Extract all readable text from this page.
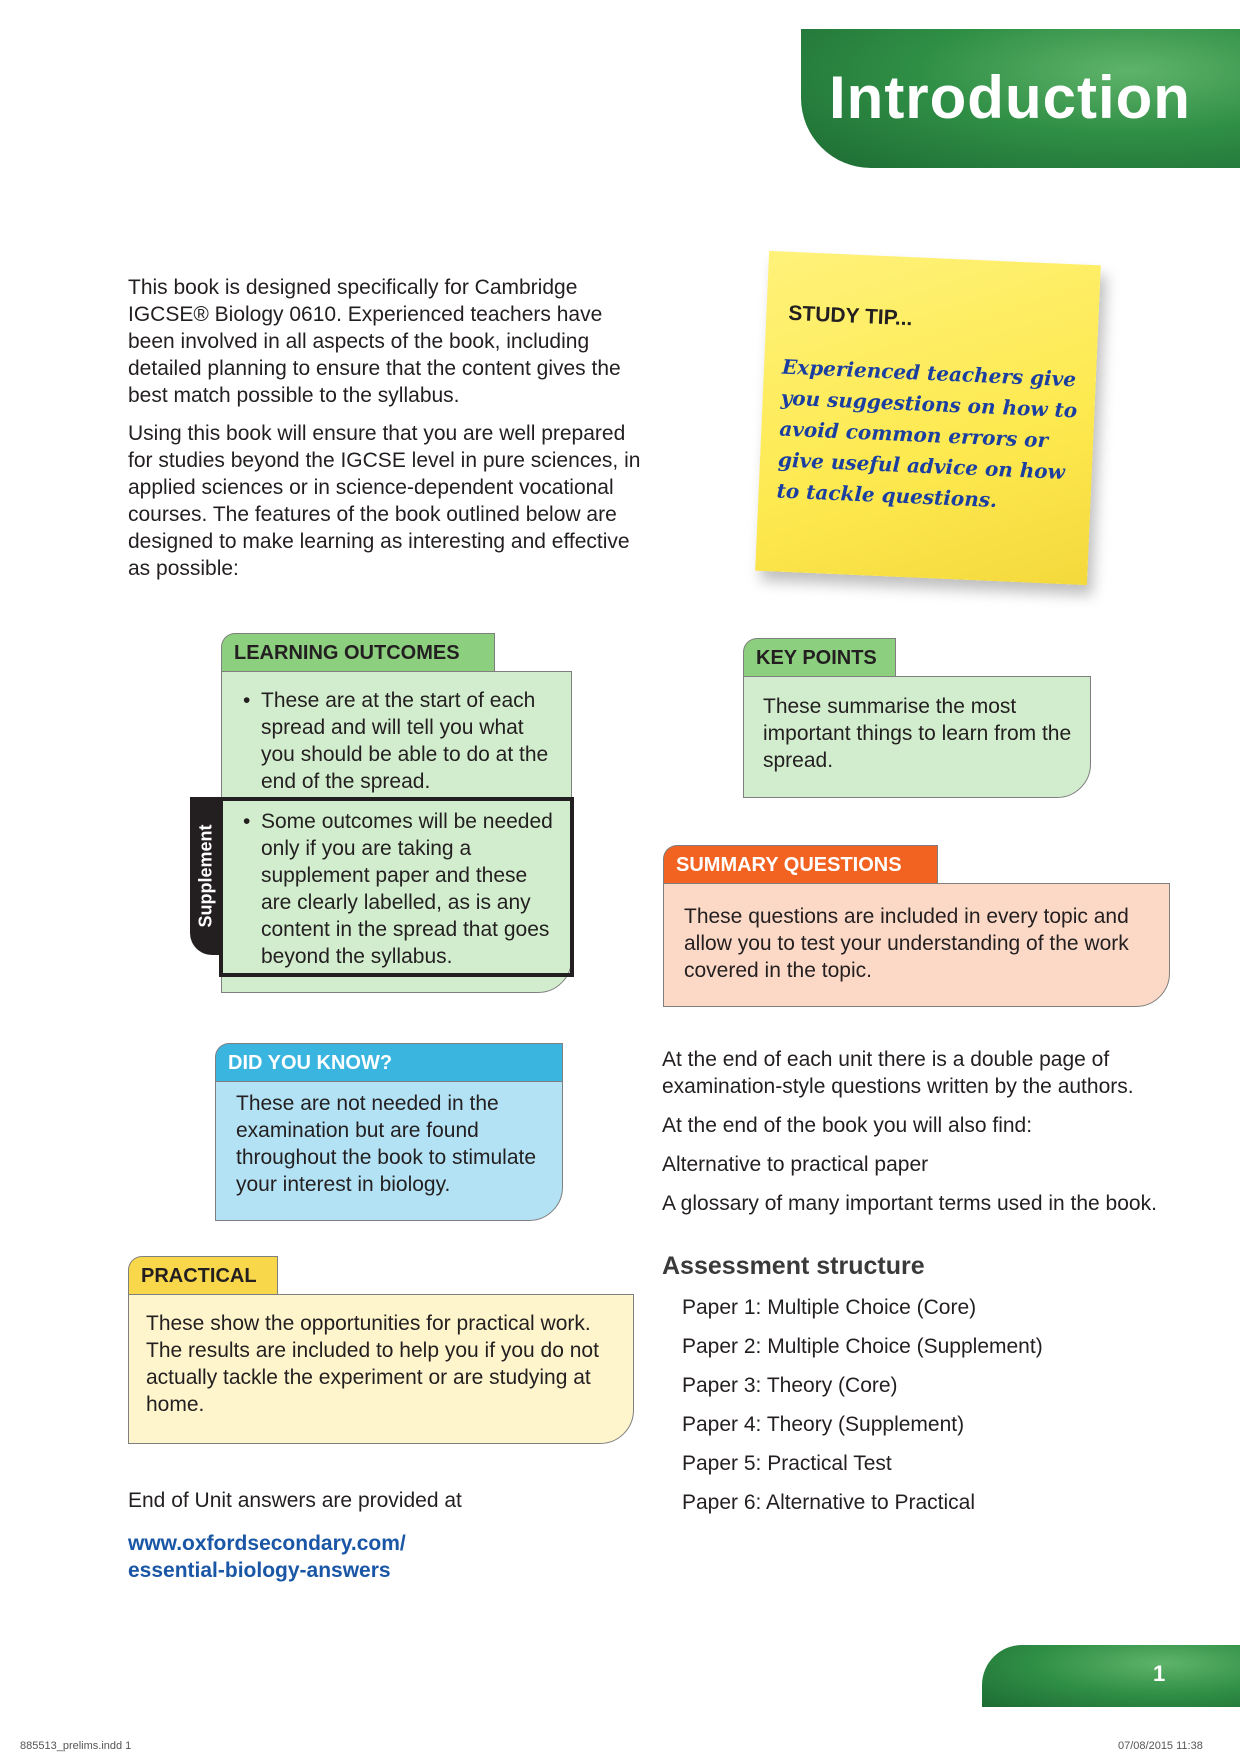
Introduction

This book is designed specifically for Cambridge IGCSE® Biology 0610. Experienced teachers have been involved in all aspects of the book, including detailed planning to ensure that the content gives the best match possible to the syllabus.

Using this book will ensure that you are well prepared for studies beyond the IGCSE level in pure sciences, in applied sciences or in science-dependent vocational courses. The features of the book outlined below are designed to make learning as interesting and effective as possible:

STUDY TIP...
Experienced teachers give you suggestions on how to avoid common errors or give useful advice on how to tackle questions.
LEARNING OUTCOMES
• These are at the start of each spread and will tell you what you should be able to do at the end of the spread.
Supplement
• Some outcomes will be needed only if you are taking a supplement paper and these are clearly labelled, as is any content in the spread that goes beyond the syllabus.
KEY POINTS
These summarise the most important things to learn from the spread.
SUMMARY QUESTIONS
These questions are included in every topic and allow you to test your understanding of the work covered in the topic.
DID YOU KNOW?
These are not needed in the examination but are found throughout the book to stimulate your interest in biology.
PRACTICAL
These show the opportunities for practical work. The results are included to help you if you do not actually tackle the experiment or are studying at home.

At the end of each unit there is a double page of examination-style questions written by the authors.

At the end of the book you will also find:

Alternative to practical paper

A glossary of many important terms used in the book.

Assessment structure
Paper 1: Multiple Choice (Core)
Paper 2: Multiple Choice (Supplement)
Paper 3: Theory (Core)
Paper 4: Theory (Supplement)
Paper 5: Practical Test
Paper 6: Alternative to Practical
End of Unit answers are provided at
www.oxfordsecondary.com/
essential-biology-answers
1
885513_prelims.indd 1	07/08/2015 11:38
